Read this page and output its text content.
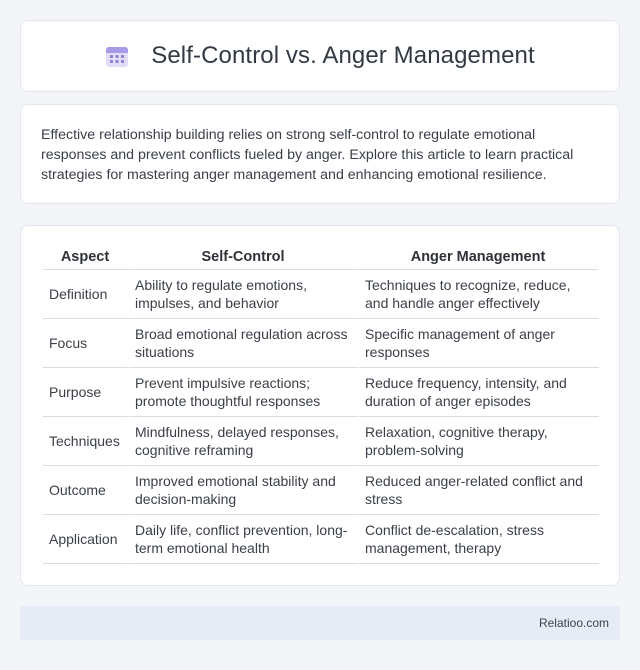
Self-Control vs. Anger Management

Effective relationship building relies on strong self-control to regulate emotional responses and prevent conflicts fueled by anger. Explore this article to learn practical strategies for mastering anger management and enhancing emotional resilience.

Aspect	Self-Control	Anger Management
Definition	Ability to regulate emotions, impulses, and behavior	Techniques to recognize, reduce, and handle anger effectively
Focus	Broad emotional regulation across situations	Specific management of anger responses
Purpose	Prevent impulsive reactions; promote thoughtful responses	Reduce frequency, intensity, and duration of anger episodes
Techniques	Mindfulness, delayed responses, cognitive reframing	Relaxation, cognitive therapy, problem-solving
Outcome	Improved emotional stability and decision-making	Reduced anger-related conflict and stress
Application	Daily life, conflict prevention, long-term emotional health	Conflict de-escalation, stress management, therapy
Relatioo.com
